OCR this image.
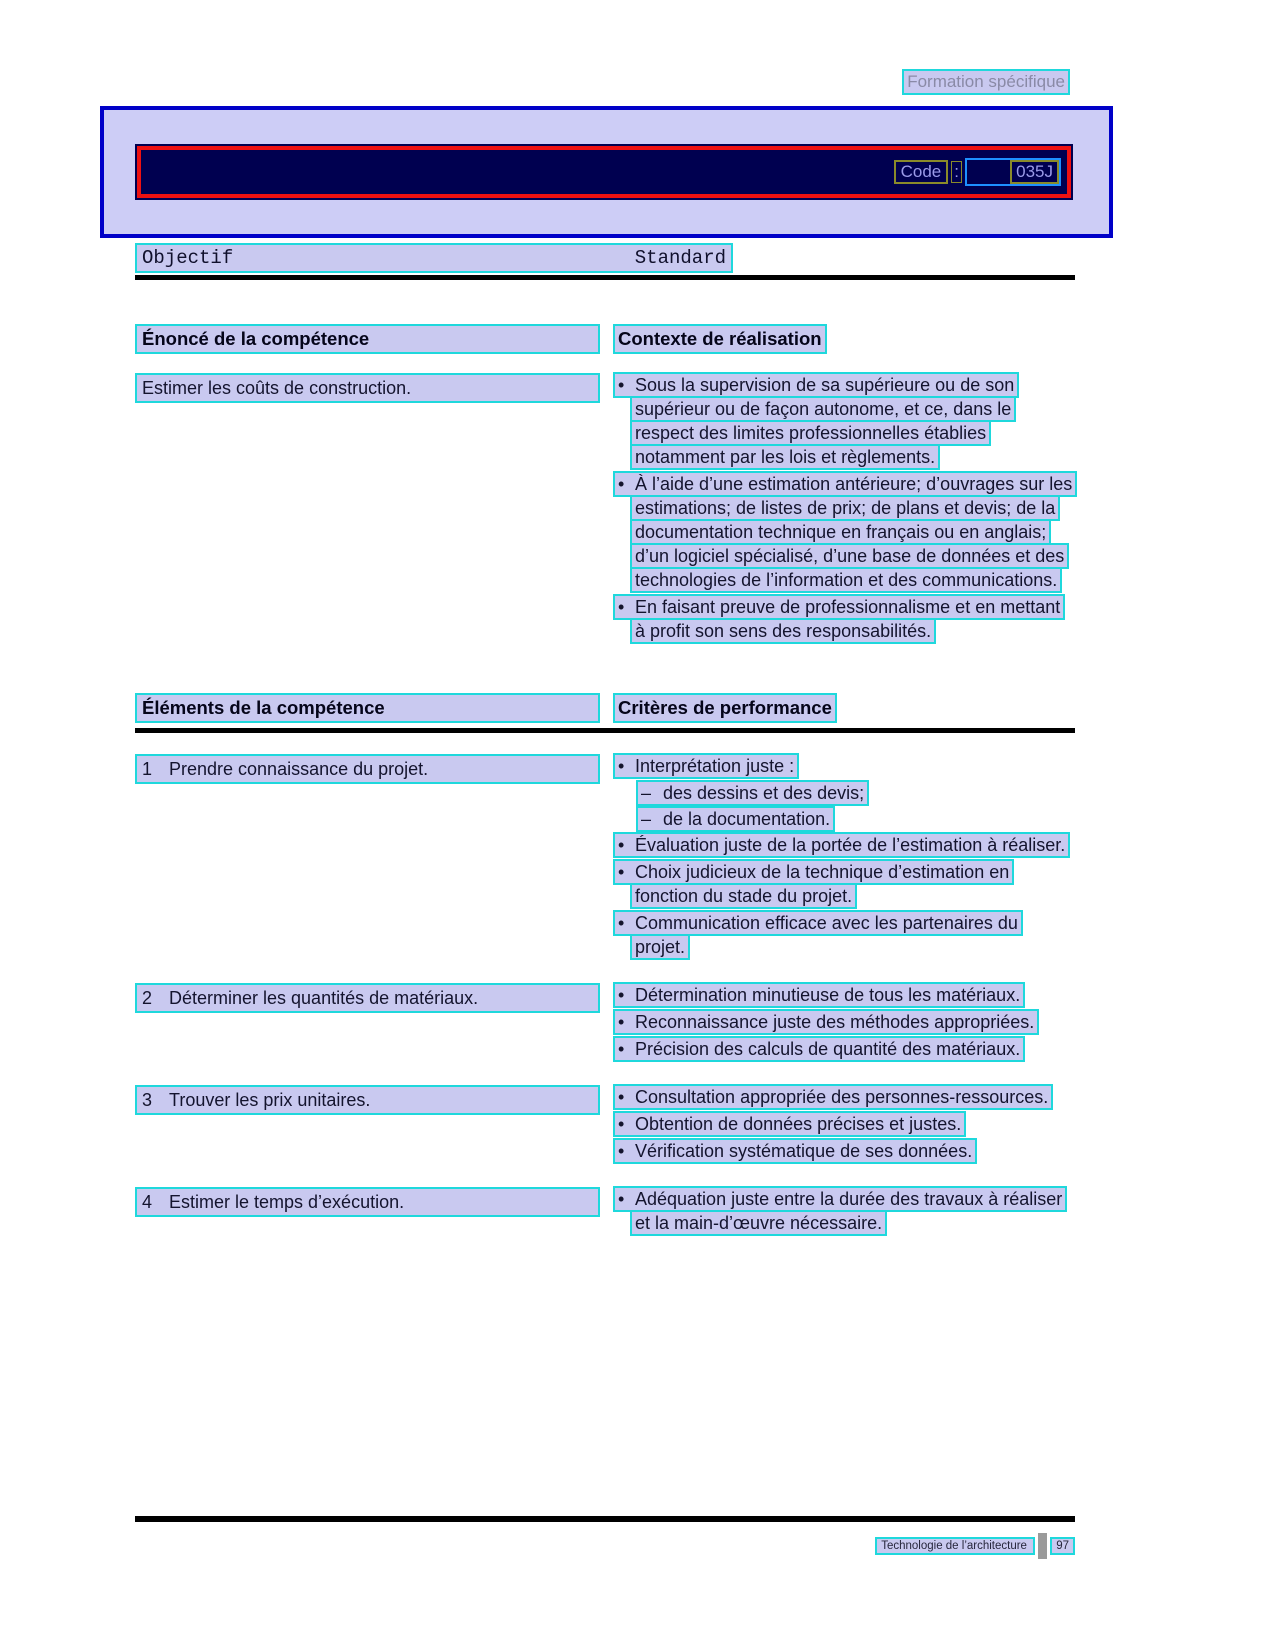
Formation spécifique
Code :	035J
Objectif	Standard
Énoncé de la compétence	Contexte de réalisation
Estimer les coûts de construction.	• Sous la supervision de sa supérieure ou de son supérieur ou de façon autonome, et ce, dans le respect des limites professionnelles établies notamment par les lois et règlements.
• À l’aide d’une estimation antérieure; d’ouvrages sur les estimations; de listes de prix; de plans et devis; de la documentation technique en français ou en anglais; d’un logiciel spécialisé, d’une base de données et des technologies de l’information et des communications.
• En faisant preuve de professionnalisme et en mettant à profit son sens des responsabilités.
Éléments de la compétence	Critères de performance
1 Prendre connaissance du projet.	• Interprétation juste :
– des dessins et des devis;
– de la documentation.
• Évaluation juste de la portée de l’estimation à réaliser.
• Choix judicieux de la technique d’estimation en fonction du stade du projet.
• Communication efficace avec les partenaires du projet.
2 Déterminer les quantités de matériaux.	• Détermination minutieuse de tous les matériaux.
• Reconnaissance juste des méthodes appropriées.
• Précision des calculs de quantité des matériaux.
3 Trouver les prix unitaires.	• Consultation appropriée des personnes-ressources.
• Obtention de données précises et justes.
• Vérification systématique de ses données.
4 Estimer le temps d’exécution.	• Adéquation juste entre la durée des travaux à réaliser et la main-d’œuvre nécessaire.
Technologie de l’architecture	97
